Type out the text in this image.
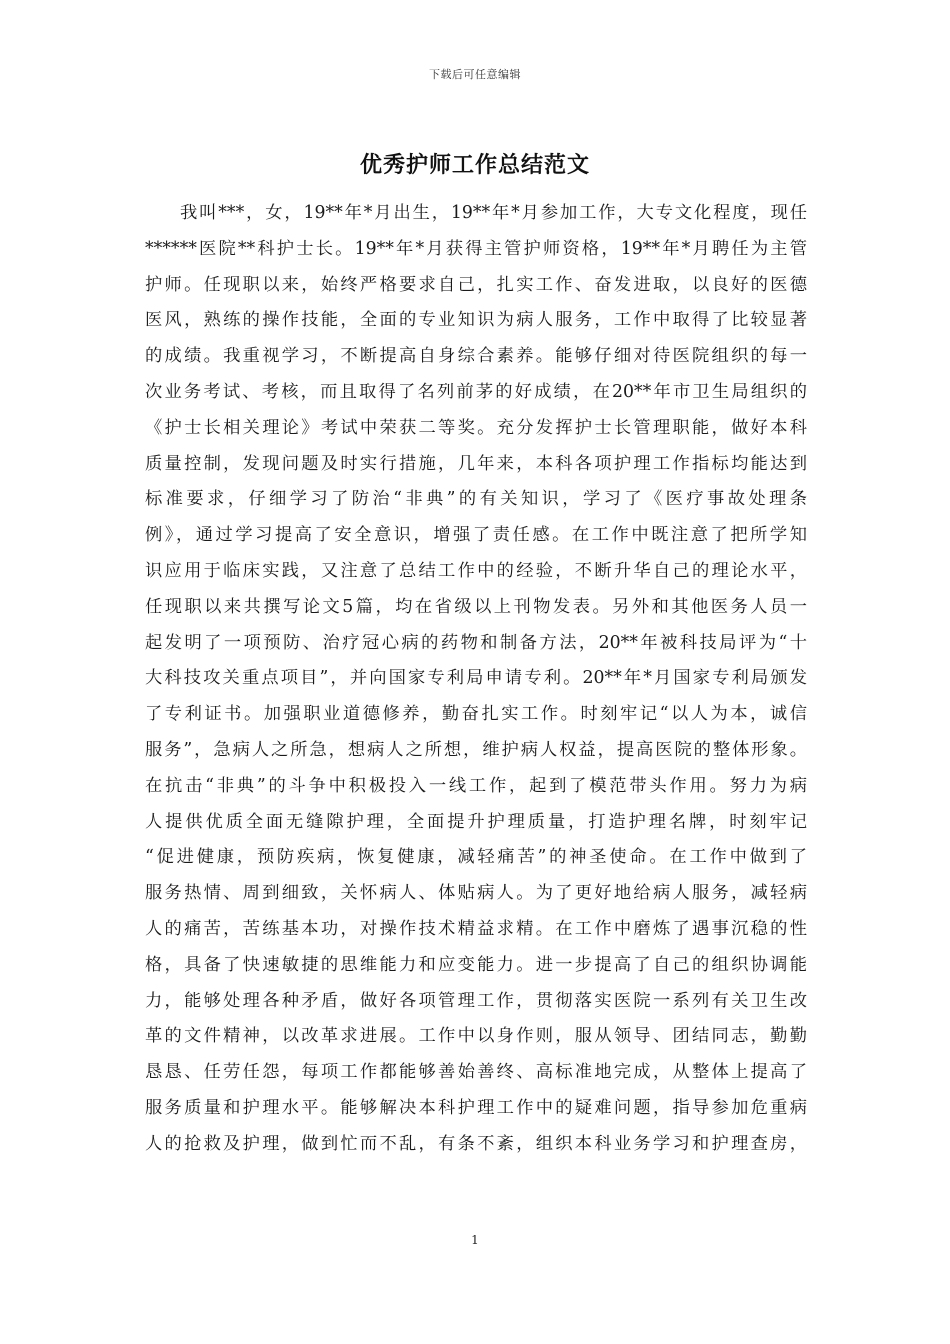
下载后可任意编辑
优秀护师工作总结范文
我叫***，女，19**年*月出生，19**年*月参加工作，大专文化程度，现任
******医院**科护士长。19**年*月获得主管护师资格，19**年*月聘任为主管
护师。任现职以来，始终严格要求自己，扎实工作、奋发进取，以良好的医德
医风，熟练的操作技能，全面的专业知识为病人服务，工作中取得了比较显著
的成绩。我重视学习，不断提高自身综合素养。能够仔细对待医院组织的每一
次业务考试、考核，而且取得了名列前茅的好成绩，在20**年市卫生局组织的
《护士长相关理论》考试中荣获二等奖。充分发挥护士长管理职能，做好本科
质量控制，发现问题及时实行措施，几年来，本科各项护理工作指标均能达到
标准要求，仔细学习了防治“非典”的有关知识，学习了《医疗事故处理条
例》，通过学习提高了安全意识，增强了责任感。在工作中既注意了把所学知
识应用于临床实践，又注意了总结工作中的经验，不断升华自己的理论水平，
任现职以来共撰写论文5篇，均在省级以上刊物发表。另外和其他医务人员一
起发明了一项预防、治疗冠心病的药物和制备方法，20**年被科技局评为“十
大科技攻关重点项目”，并向国家专利局申请专利。20**年*月国家专利局颁发
了专利证书。加强职业道德修养，勤奋扎实工作。时刻牢记“以人为本，诚信
服务”，急病人之所急，想病人之所想，维护病人权益，提高医院的整体形象。
在抗击“非典”的斗争中积极投入一线工作，起到了模范带头作用。努力为病
人提供优质全面无缝隙护理，全面提升护理质量，打造护理名牌，时刻牢记
“促进健康，预防疾病，恢复健康，减轻痛苦”的神圣使命。在工作中做到了
服务热情、周到细致，关怀病人、体贴病人。为了更好地给病人服务，减轻病
人的痛苦，苦练基本功，对操作技术精益求精。在工作中磨炼了遇事沉稳的性
格，具备了快速敏捷的思维能力和应变能力。进一步提高了自己的组织协调能
力，能够处理各种矛盾，做好各项管理工作，贯彻落实医院一系列有关卫生改
革的文件精神，以改革求进展。工作中以身作则，服从领导、团结同志，勤勤
恳恳、任劳任怨，每项工作都能够善始善终、高标准地完成，从整体上提高了
服务质量和护理水平。能够解决本科护理工作中的疑难问题，指导参加危重病
人的抢救及护理，做到忙而不乱，有条不紊，组织本科业务学习和护理查房，
1
